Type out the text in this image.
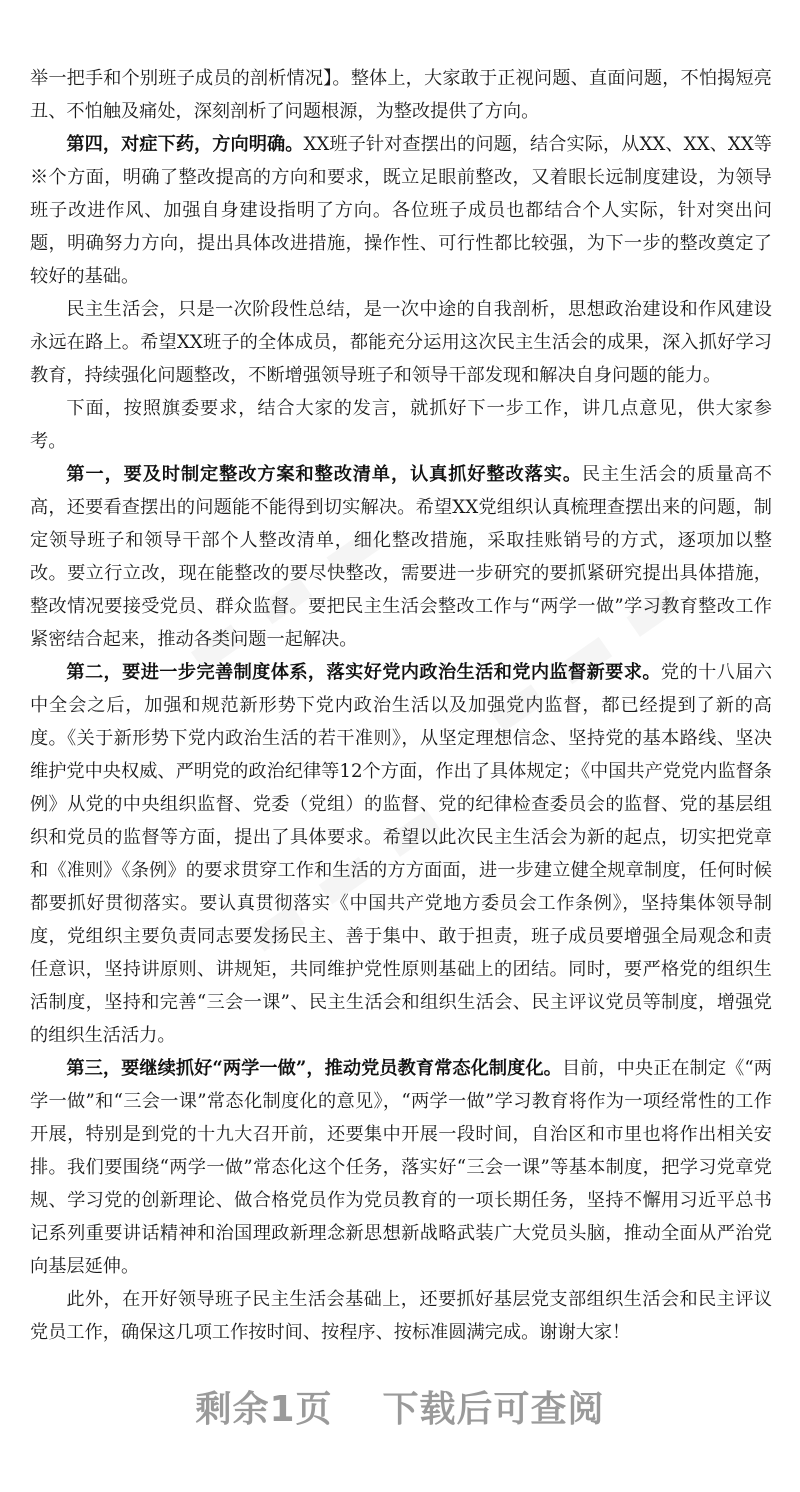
举一把手和个别班子成员的剖析情况】。整体上，大家敢于正视问题、直面问题，不怕揭短亮丑、不怕触及痛处，深刻剖析了问题根源，为整改提供了方向。

第四，对症下药，方向明确。XX班子针对查摆出的问题，结合实际，从XX、XX、XX等※个方面，明确了整改提高的方向和要求，既立足眼前整改，又着眼长远制度建设，为领导班子改进作风、加强自身建设指明了方向。各位班子成员也都结合个人实际，针对突出问题，明确努力方向，提出具体改进措施，操作性、可行性都比较强，为下一步的整改奠定了较好的基础。

民主生活会，只是一次阶段性总结，是一次中途的自我剖析，思想政治建设和作风建设永远在路上。希望XX班子的全体成员，都能充分运用这次民主生活会的成果，深入抓好学习教育，持续强化问题整改，不断增强领导班子和领导干部发现和解决自身问题的能力。

下面，按照旗委要求，结合大家的发言，就抓好下一步工作，讲几点意见，供大家参考。

第一，要及时制定整改方案和整改清单，认真抓好整改落实。民主生活会的质量高不高，还要看查摆出的问题能不能得到切实解决。希望XX党组织认真梳理查摆出来的问题，制定领导班子和领导干部个人整改清单，细化整改措施，采取挂账销号的方式，逐项加以整改。要立行立改，现在能整改的要尽快整改，需要进一步研究的要抓紧研究提出具体措施，整改情况要接受党员、群众监督。要把民主生活会整改工作与“两学一做”学习教育整改工作紧密结合起来，推动各类问题一起解决。

第二，要进一步完善制度体系，落实好党内政治生活和党内监督新要求。党的十八届六中全会之后，加强和规范新形势下党内政治生活以及加强党内监督，都已经提到了新的高度。《关于新形势下党内政治生活的若干准则》，从坚定理想信念、坚持党的基本路线、坚决维护党中央权威、严明党的政治纪律等12个方面，作出了具体规定；《中国共产党党内监督条例》从党的中央组织监督、党委（党组）的监督、党的纪律检查委员会的监督、党的基层组织和党员的监督等方面，提出了具体要求。希望以此次民主生活会为新的起点，切实把党章和《准则》《条例》的要求贯穿工作和生活的方方面面，进一步建立健全规章制度，任何时候都要抓好贯彻落实。要认真贯彻落实《中国共产党地方委员会工作条例》，坚持集体领导制度，党组织主要负责同志要发扬民主、善于集中、敢于担责，班子成员要增强全局观念和责任意识，坚持讲原则、讲规矩，共同维护党性原则基础上的团结。同时，要严格党的组织生活制度，坚持和完善“三会一课”、民主生活会和组织生活会、民主评议党员等制度，增强党的组织生活活力。

第三，要继续抓好“两学一做”，推动党员教育常态化制度化。目前，中央正在制定《“两学一做”和“三会一课”常态化制度化的意见》，“两学一做”学习教育将作为一项经常性的工作开展，特别是到党的十九大召开前，还要集中开展一段时间，自治区和市里也将作出相关安排。我们要围绕“两学一做”常态化这个任务，落实好“三会一课”等基本制度，把学习党章党规、学习党的创新理论、做合格党员作为党员教育的一项长期任务，坚持不懈用习近平总书记系列重要讲话精神和治国理政新理念新思想新战略武装广大党员头脑，推动全面从严治党向基层延伸。

此外，在开好领导班子民主生活会基础上，还要抓好基层党支部组织生活会和民主评议党员工作，确保这几项工作按时间、按程序、按标准圆满完成。谢谢大家！

剩余1页 下载后可查阅
